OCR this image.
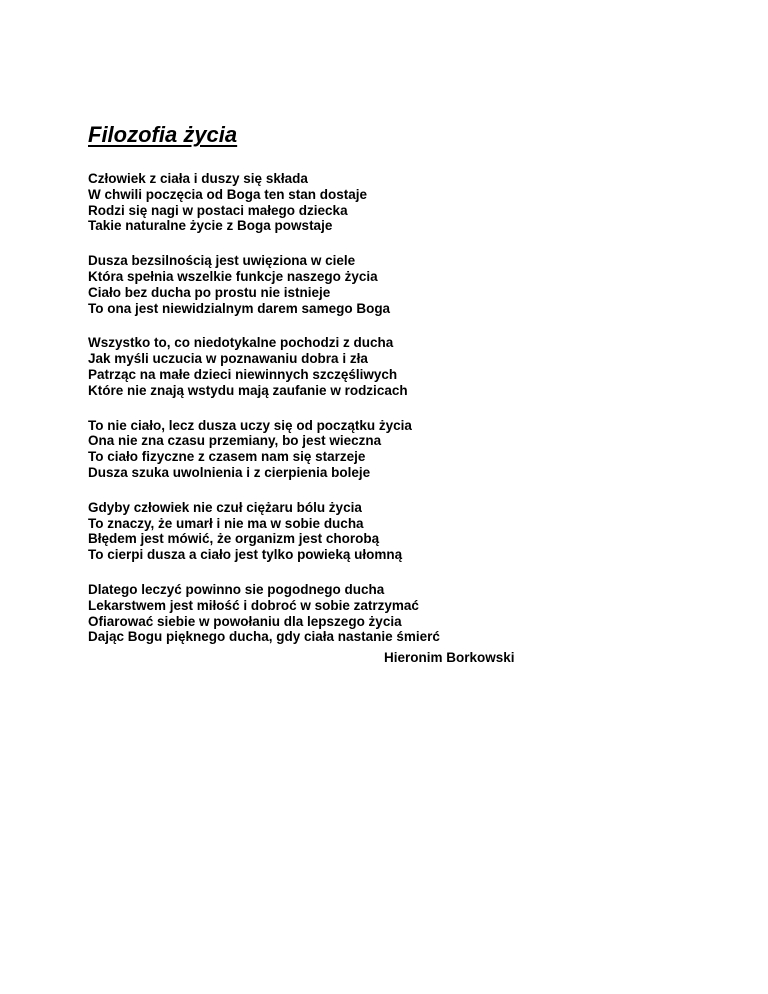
Filozofia życia
Człowiek z ciała i duszy się składa
W chwili poczęcia od Boga ten stan dostaje
Rodzi się nagi w postaci małego dziecka
Takie naturalne życie z Boga powstaje
Dusza bezsilnością jest uwięziona w ciele
Która spełnia wszelkie funkcje naszego życia
Ciało bez ducha po prostu nie istnieje
To ona jest niewidzialnym darem samego Boga
Wszystko to, co niedotykalne pochodzi z ducha
Jak myśli uczucia w poznawaniu dobra i zła
Patrząc na małe dzieci niewinnych szczęśliwych
Które nie znają wstydu mają zaufanie w rodzicach
To nie ciało, lecz dusza uczy się od początku życia
Ona nie zna czasu przemiany, bo jest wieczna
To ciało fizyczne z czasem nam się starzeje
Dusza szuka uwolnienia i z cierpienia boleje
Gdyby człowiek nie czuł ciężaru bólu życia
To znaczy, że umarł i nie ma w sobie ducha
Błędem jest mówić, że organizm jest chorobą
To cierpi dusza a ciało jest tylko powieką ułomną
Dlatego leczyć powinno sie pogodnego ducha
Lekarstwem jest miłość i dobroć w sobie zatrzymać
Ofiarować siebie w powołaniu dla lepszego życia
Dając Bogu pięknego ducha, gdy ciała nastanie śmierć
Hieronim Borkowski
